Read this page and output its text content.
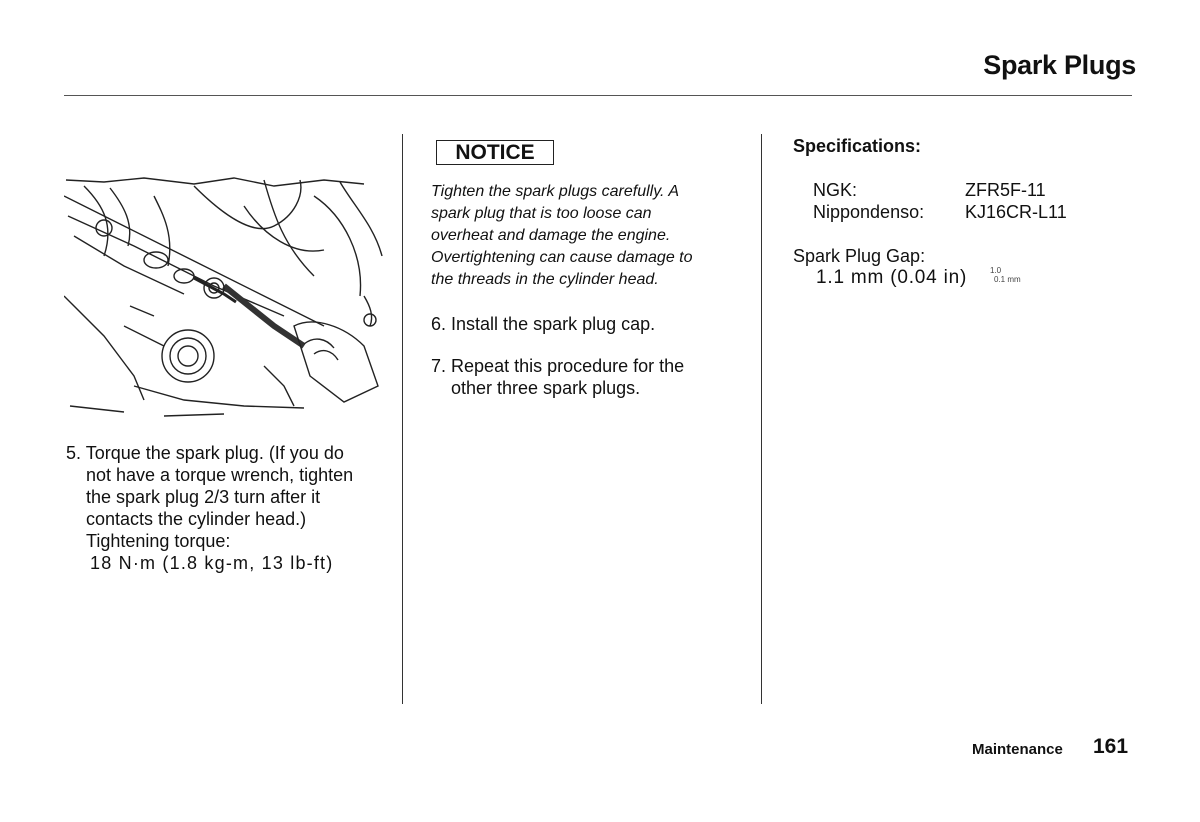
Spark Plugs
5. Torque the spark plug. (If you do
not have a torque wrench, tighten
the spark plug 2/3 turn after it
contacts the cylinder head.)
Tightening torque:
18 N·m (1.8 kg-m, 13 lb-ft)
NOTICE
Tighten the spark plugs carefully. A
spark plug that is too loose can
overheat and damage the engine.
Overtightening can cause damage to
the threads in the cylinder head.
6. Install the spark plug cap.
7. Repeat this procedure for the
other three spark plugs.
Specifications:
NGK:	ZFR5F-11
Nippondenso:	KJ16CR-L11
Spark Plug Gap:
1.1 mm (0.04 in)	1.0
0.1 mm
Maintenance 161
